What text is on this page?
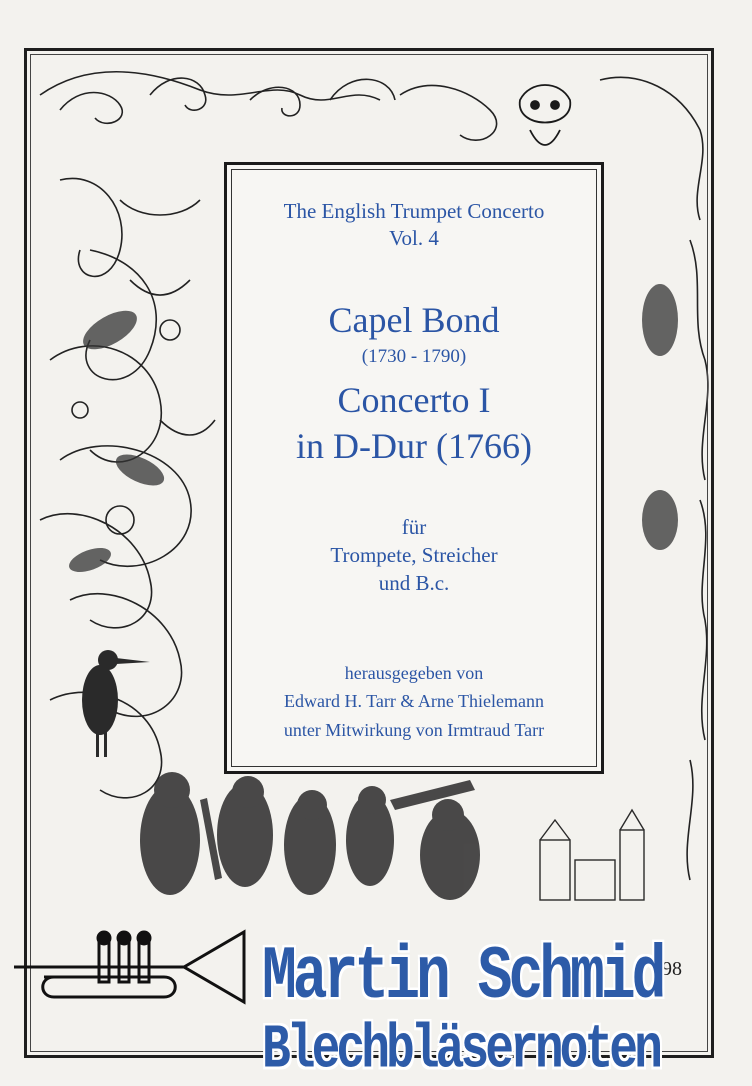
The English Trumpet Concerto

Vol. 4

Capel Bond

(1730 - 1790)

Concerto I

in D-Dur (1766)

für

Trompete, Streicher

und B.c.

herausgegeben von

Edward H. Tarr & Arne Thielemann

unter Mitwirkung von Irmtraud Tarr

98

Martin Schmid

Blechbläsernoten
